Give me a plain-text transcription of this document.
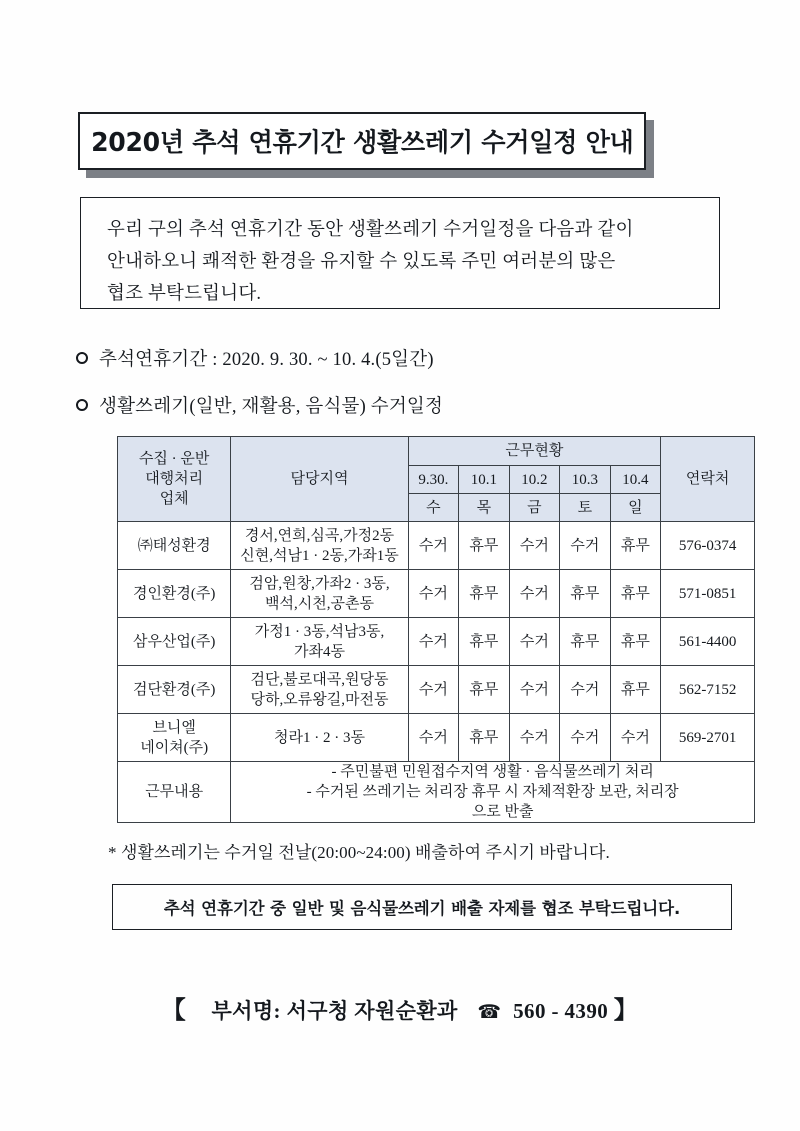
2020년 추석 연휴기간 생활쓰레기 수거일정 안내
우리 구의 추석 연휴기간 동안 생활쓰레기 수거일정을 다음과 같이
안내하오니 쾌적한 환경을 유지할 수 있도록 주민 여러분의 많은
협조 부탁드립니다.
추석연휴기간 : 2020. 9. 30. ~ 10. 4.(5일간)
생활쓰레기(일반, 재활용, 음식물) 수거일정
수집 · 운반
대행처리
업체	담당지역	근무현황					연락처
		9.30.	10.1	10.2	10.3	10.4	
		수	목	금	토	일	
㈜태성환경	경서,연희,심곡,가정2동
신현,석남1 · 2동,가좌1동	수거	휴무	수거	수거	휴무	576-0374
경인환경(주)	검암,원창,가좌2 · 3동,
백석,시천,공촌동	수거	휴무	수거	휴무	휴무	571-0851
삼우산업(주)	가정1 · 3동,석남3동,
가좌4동	수거	휴무	수거	휴무	휴무	561-4400
검단환경(주)	검단,불로대곡,원당동
당하,오류왕길,마전동	수거	휴무	수거	수거	휴무	562-7152

브니엘
네이쳐(주)	청라1 · 2 · 3동	수거	휴무	수거	수거	수거	569-2701
근무내용	- 주민불편 민원접수지역 생활 · 음식물쓰레기 처리
- 수거된 쓰레기는 처리장 휴무 시 자체적환장 보관, 처리장
으로 반출						
* 생활쓰레기는 수거일 전날(20:00~24:00) 배출하여 주시기 바랍니다.
추석 연휴기간 중 일반 및 음식물쓰레기 배출 자제를 협조 부탁드립니다.
【 부서명: 서구청 자원순환과 ☎ 560 - 4390 】
